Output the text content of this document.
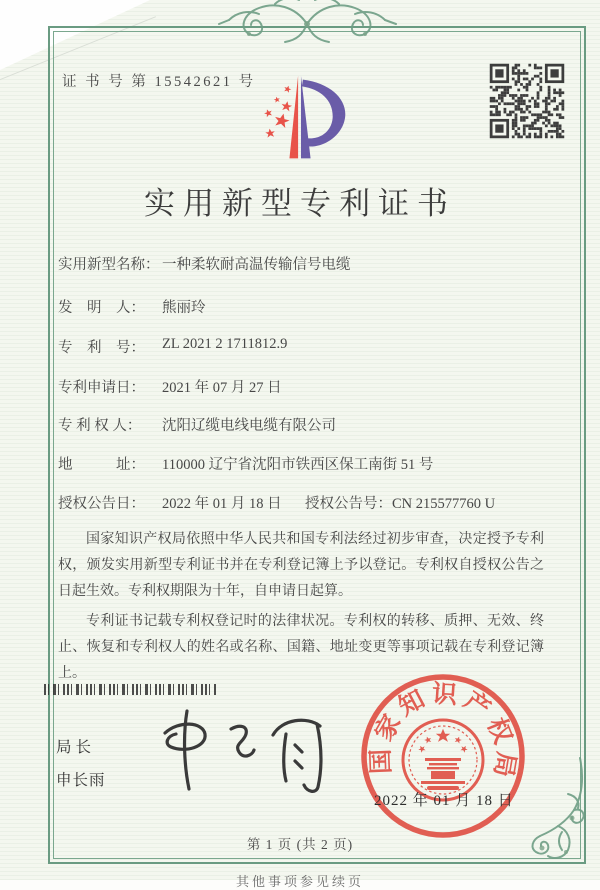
证 书 号 第 15542621 号
实用新型专利证书
实用新型名称： 一种柔软耐高温传输信号电缆
发　明　人：	熊丽玲
专　利　号：	ZL 2021 2 1711812.9
专利申请日：	2021 年 07 月 27 日
专 利 权 人：	沈阳辽缆电线电缆有限公司
地　　　址：	110000 辽宁省沈阳市铁西区保工南街 51 号
授权公告日：	2022 年 01 月 18 日 授权公告号：CN 215577760 U

国家知识产权局依照中华人民共和国专利法经过初步审查，决定授予专利权，颁发实用新型专利证书并在专利登记簿上予以登记。专利权自授权公告之日起生效。专利权期限为十年，自申请日起算。

专利证书记载专利权登记时的法律状况。专利权的转移、质押、无效、终止、恢复和专利权人的姓名或名称、国籍、地址变更等事项记载在专利登记簿上。

局长
申长雨
国家知识产权局
2022 年 01 月 18 日
第 1 页 (共 2 页)
其他事项参见续页
